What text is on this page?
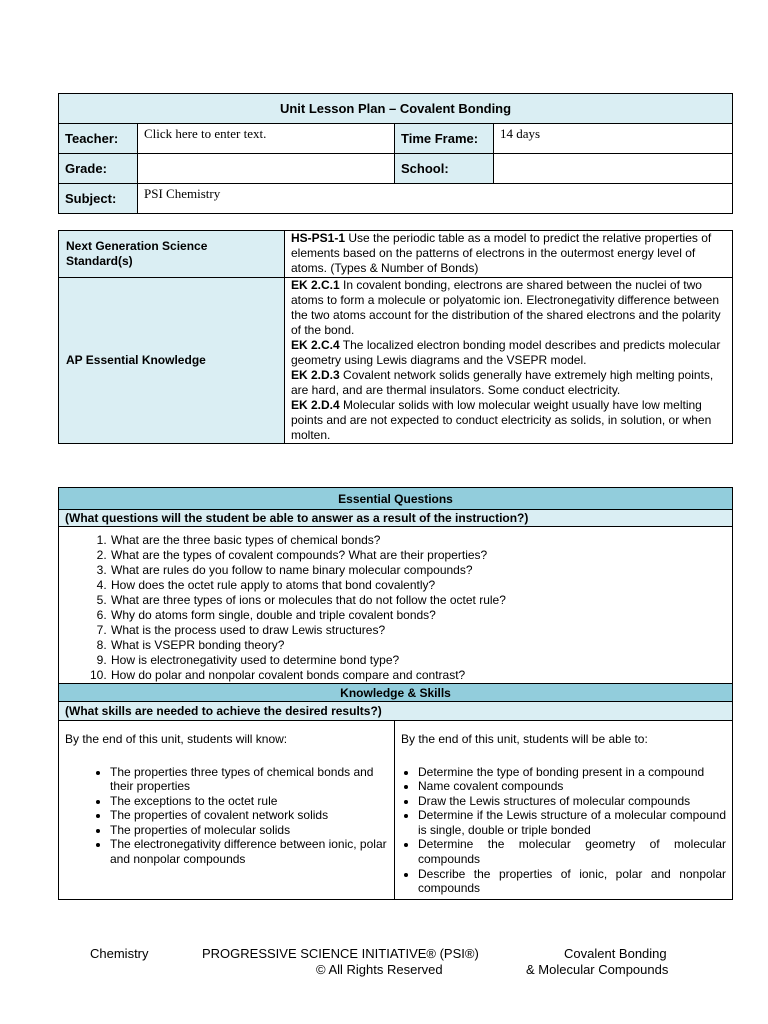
Unit Lesson Plan – Covalent Bonding			
Teacher:	Click here to enter text.	Time Frame:	14 days
Grade:		School:	
Subject:	PSI Chemistry		
Next Generation Science Standard(s)	HS-PS1-1 Use the periodic table as a model to predict the relative properties of elements based on the patterns of electrons in the outermost energy level of atoms. (Types & Number of Bonds)
AP Essential Knowledge	EK 2.C.1 In covalent bonding, electrons are shared between the nuclei of two atoms to form a molecule or polyatomic ion. Electronegativity difference between the two atoms account for the distribution of the shared electrons and the polarity of the bond.
EK 2.C.4 The localized electron bonding model describes and predicts molecular geometry using Lewis diagrams and the VSEPR model.
EK 2.D.3 Covalent network solids generally have extremely high melting points, are hard, and are thermal insulators. Some conduct electricity.
EK 2.D.4 Molecular solids with low molecular weight usually have low melting points and are not expected to conduct electricity as solids, in solution, or when molten.
Essential Questions
(What questions will the student be able to answer as a result of the instruction?)

1. What are the three basic types of chemical bonds?
2. What are the types of covalent compounds? What are their properties?
3. What are rules do you follow to name binary molecular compounds?
4. How does the octet rule apply to atoms that bond covalently?
5. What are three types of ions or molecules that do not follow the octet rule?
6. Why do atoms form single, double and triple covalent bonds?
7. What is the process used to draw Lewis structures?
8. What is VSEPR bonding theory?
9. How is electronegativity used to determine bond type?
10. How do polar and nonpolar covalent bonds compare and contrast?

Knowledge & Skills
(What skills are needed to achieve the desired results?)

By the end of this unit, students will know:

• The properties three types of chemical bonds and their properties
• The exceptions to the octet rule
• The properties of covalent network solids
• The properties of molecular solids
• The electronegativity difference between ionic, polar and nonpolar compounds

By the end of this unit, students will be able to:

• Determine the type of bonding present in a compound
• Name covalent compounds
• Draw the Lewis structures of molecular compounds
• Determine if the Lewis structure of a molecular compound is single, double or triple bonded
• Determine the molecular geometry of molecular compounds
• Describe the properties of ionic, polar and nonpolar compounds
Chemistry	PROGRESSIVE SCIENCE INITIATIVE® (PSI®)
© All Rights Reserved
Covalent Bonding
& Molecular Compounds
